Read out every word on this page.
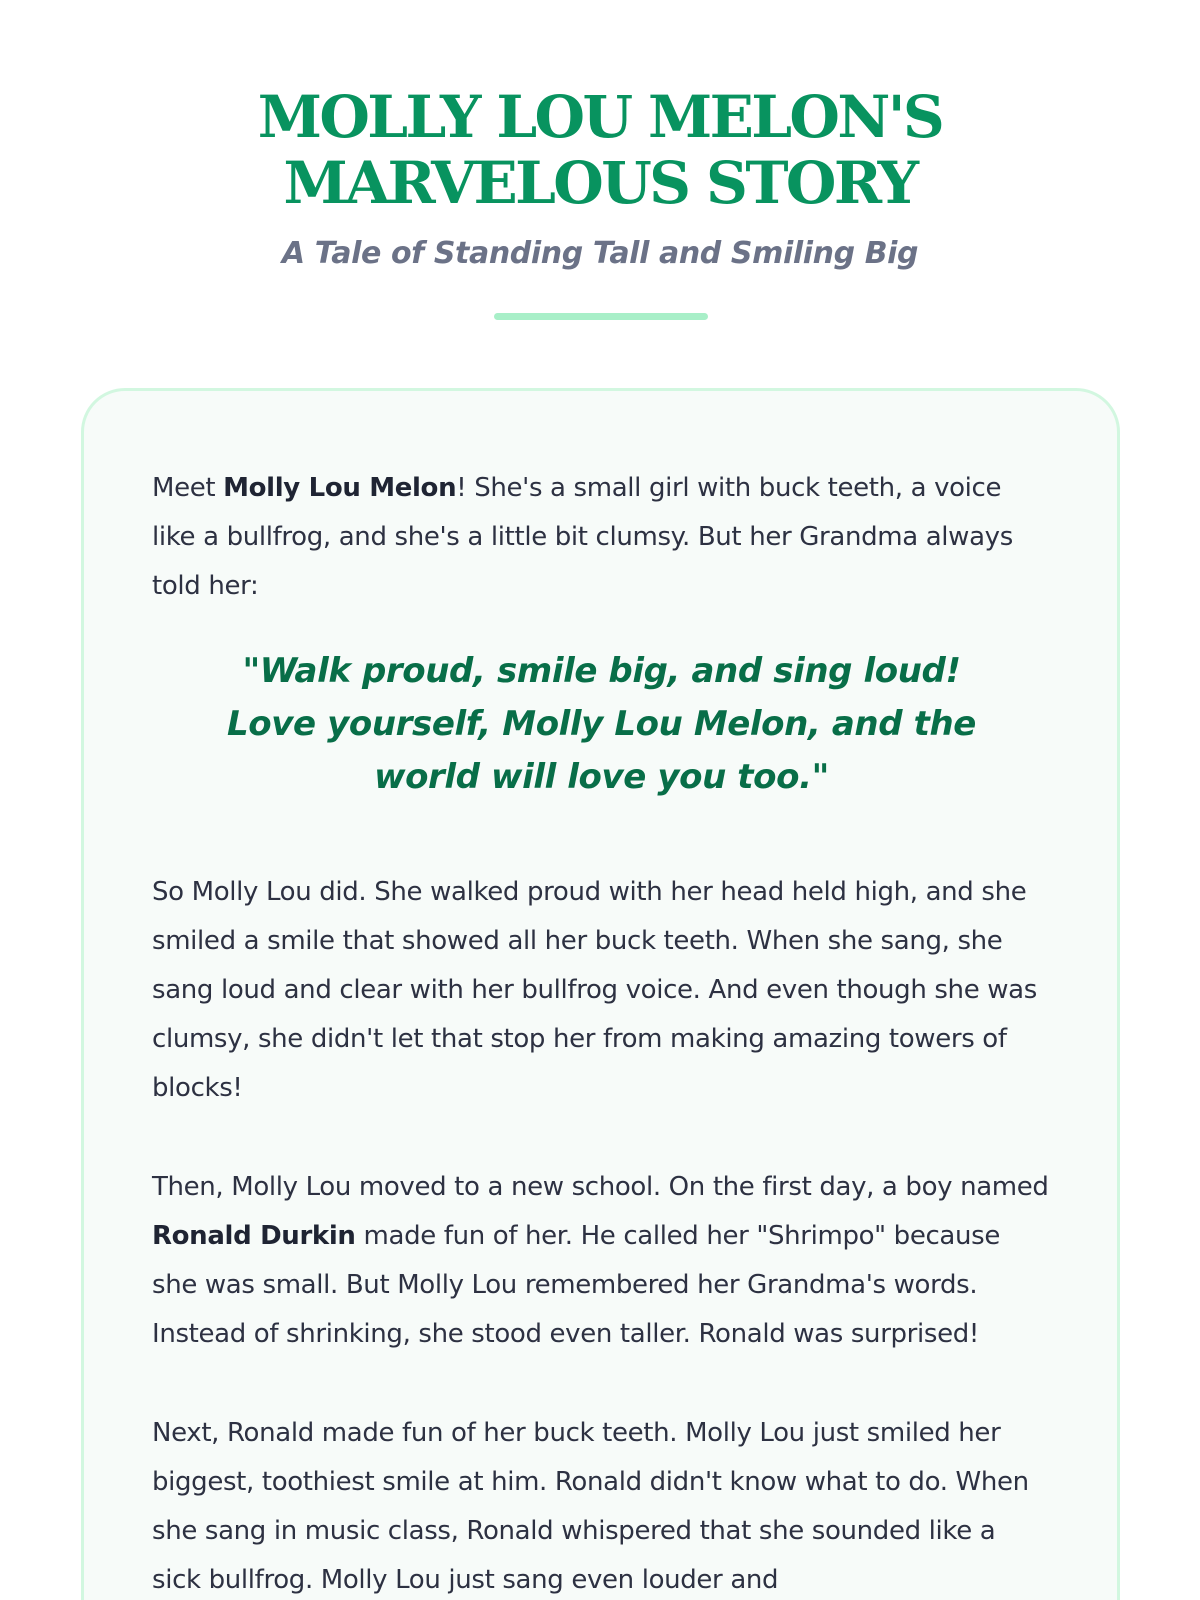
MOLLY LOU MELON'S MARVELOUS STORY
A Tale of Standing Tall and Smiling Big

Meet Molly Lou Melon! She's a small girl with buck teeth, a voice like a bullfrog, and she's a little bit clumsy. But her Grandma always told her:

"Walk proud, smile big, and sing loud! Love yourself, Molly Lou Melon, and the world will love you too."

So Molly Lou did. She walked proud with her head held high, and she smiled a smile that showed all her buck teeth. When she sang, she sang loud and clear with her bullfrog voice. And even though she was clumsy, she didn't let that stop her from making amazing towers of blocks!

Then, Molly Lou moved to a new school. On the first day, a boy named Ronald Durkin made fun of her. He called her "Shrimpo" because she was small. But Molly Lou remembered her Grandma's words. Instead of shrinking, she stood even taller. Ronald was surprised!

Next, Ronald made fun of her buck teeth. Molly Lou just smiled her biggest, toothiest smile at him. Ronald didn't know what to do. When she sang in music class, Ronald whispered that she sounded like a sick bullfrog. Molly Lou just sang even louder and
